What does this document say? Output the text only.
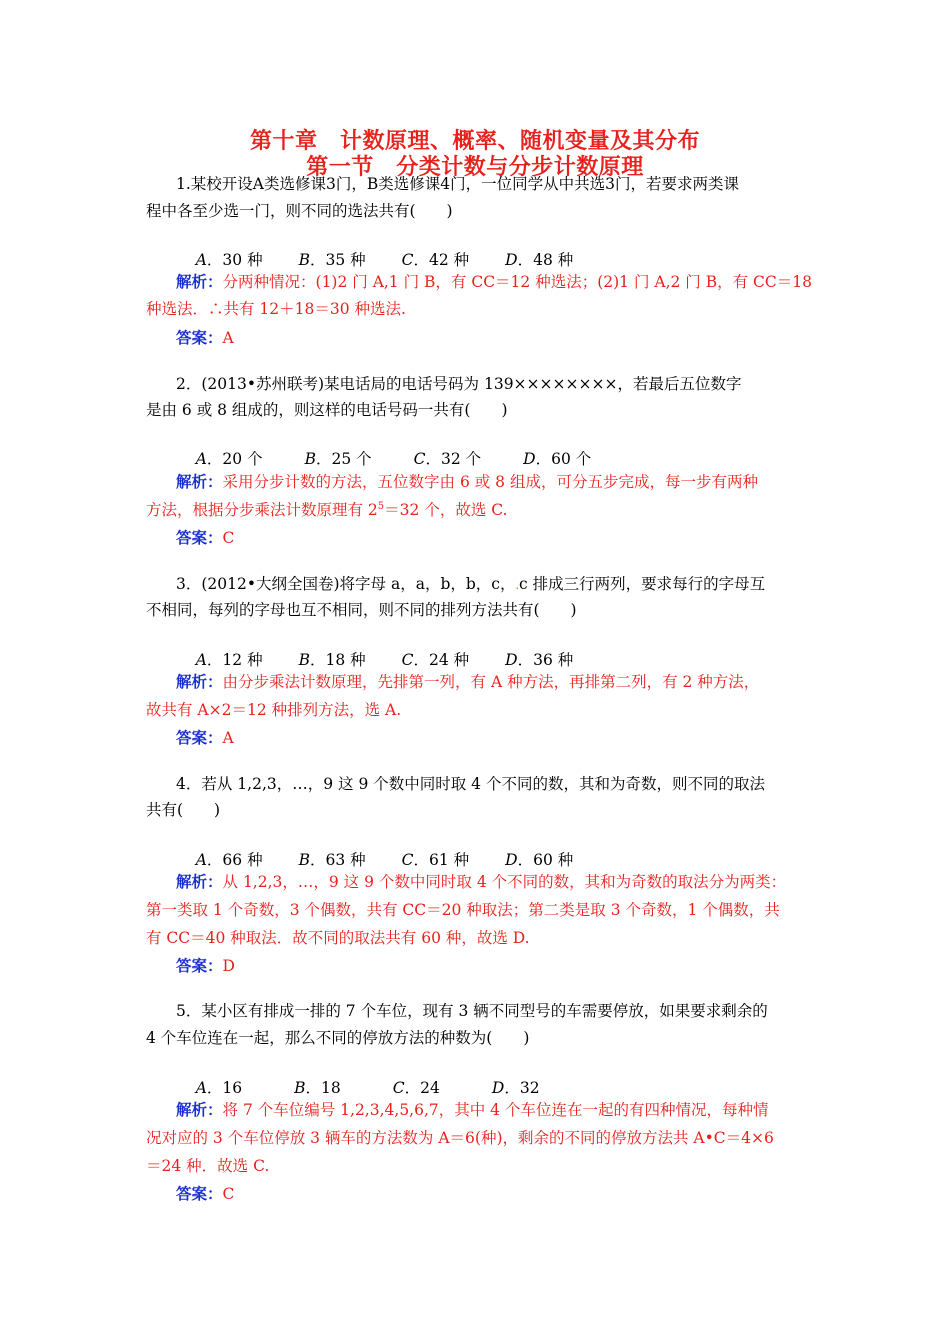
第十章　计数原理、概率、随机变量及其分布
第一节　分类计数与分步计数原理
1.某校开设A类选修课3门，B类选修课4门，一位同学从中共选3门，若要求两类课
程中各至少选一门，则不同的选法共有(　　)

A．30 种 B．35 种 C．42 种 D．48 种

解析：分两种情况：(1)2 门 A,1 门 B，有 CC＝12 种选法；(2)1 门 A,2 门 B，有 CC＝18
种选法．∴共有 12＋18＝30 种选法.
答案：A
2．(2013•苏州联考)某电话局的电话号码为 139××××××××，若最后五位数字
是由 6 或 8 组成的，则这样的电话号码一共有(　　)

A．20 个	B．25 个	C．32 个	D．60 个

解析：采用分步计数的方法，五位数字由 6 或 8 组成，可分五步完成，每一步有两种
方法，根据分步乘法计数原理有 $2^5=32$ 个，故选 C.
答案：C
3．(2012•大纲全国卷)将字母 a，a，b，b，c，.c 排成三行两列，要求每行的字母互
不相同，每列的字母也互不相同，则不同的排列方法共有(　　)

A．12 种 B．18 种 C．24 种 D．36 种

解析：由分步乘法计数原理，先排第一列，有 A 种方法，再排第二列，有 2 种方法，
故共有 A×2＝12 种排列方法，选 A.
答案：A
4．若从 1,2,3，…，9 这 9 个数中同时取 4 个不同的数，其和为奇数，则不同的取法
共有(　　)

A．66 种 B．63 种 C．61 种 D．60 种

解析：从 1,2,3，…，9 这 9 个数中同时取 4 个不同的数，其和为奇数的取法分为两类：
第一类取 1 个奇数，3 个偶数，共有 CC＝20 种取法；第二类是取 3 个奇数，1 个偶数，共
有 CC＝40 种取法．故不同的取法共有 60 种，故选 D.
答案：D
5．某小区有排成一排的 7 个车位，现有 3 辆不同型号的车需要停放，如果要求剩余的
4 个车位连在一起，那么不同的停放方法的种数为(　　)

A．16	B．18	C．24	D．32

解析：将 7 个车位编号 1,2,3,4,5,6,7，其中 4 个车位连在一起的有四种情况，每种情
况对应的 3 个车位停放 3 辆车的方法数为 A＝6(种)，剩余的不同的停放方法共 A•C＝4×6
＝24 种．故选 C.
答案：C
